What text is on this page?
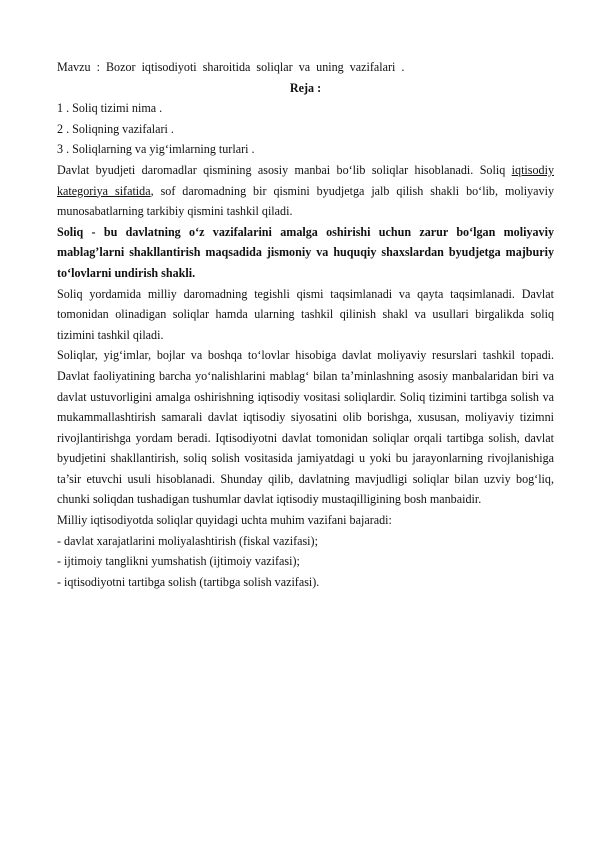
Mavzu : Bozor iqtisodiyoti sharoitida soliqlar va uning vazifalari .
Reja :
1 . Soliq tizimi nima .
2 . Soliqning vazifalari .
3 . Soliqlarning va yig‘imlarning turlari .

Davlat byudjeti daromadlar qismining asosiy manbai bo‘lib soliqlar hisoblanadi. Soliq iqtisodiy kategoriya sifatida, sof daromadning bir qismini byudjetga jalb qilish shakli bo‘lib, moliyaviy munosabatlarning tarkibiy qismini tashkil qiladi.

Soliq - bu davlatning o‘z vazifalarini amalga oshirishi uchun zarur bo‘lgan moliyaviy mablag’larni shakllantirish maqsadida jismoniy va huquqiy shaxslardan byudjetga majburiy to‘lovlarni undirish shakli.

Soliq yordamida milliy daromadning tegishli qismi taqsimlanadi va qayta taqsimlanadi. Davlat tomonidan olinadigan soliqlar hamda ularning tashkil qilinish shakl va usullari birgalikda soliq tizimini tashkil qiladi.

Soliqlar, yig‘imlar, bojlar va boshqa to‘lovlar hisobiga davlat moliyaviy resurslari tashkil topadi. Davlat faoliyatining barcha yo‘nalishlarini mablag‘ bilan ta’minlashning asosiy manbalaridan biri va davlat ustuvorligini amalga oshirishning iqtisodiy vositasi soliqlardir. Soliq tizimini tartibga solish va mukammallashtirish samarali davlat iqtisodiy siyosatini olib borishga, xususan, moliyaviy tizimni rivojlantirishga yordam beradi. Iqtisodiyotni davlat tomonidan soliqlar orqali tartibga solish, davlat byudjetini shakllantirish, soliq solish vositasida jamiyatdagi u yoki bu jarayonlarning rivojlanishiga ta’sir etuvchi usuli hisoblanadi. Shunday qilib, davlatning mavjudligi soliqlar bilan uzviy bog‘liq, chunki soliqdan tushadigan tushumlar davlat iqtisodiy mustaqilligining bosh manbaidir.

Milliy iqtisodiyotda soliqlar quyidagi uchta muhim vazifani bajaradi:
- davlat xarajatlarini moliyalashtirish (fiskal vazifasi);
- ijtimoiy tanglikni yumshatish (ijtimoiy vazifasi);
- iqtisodiyotni tartibga solish (tartibga solish vazifasi).
